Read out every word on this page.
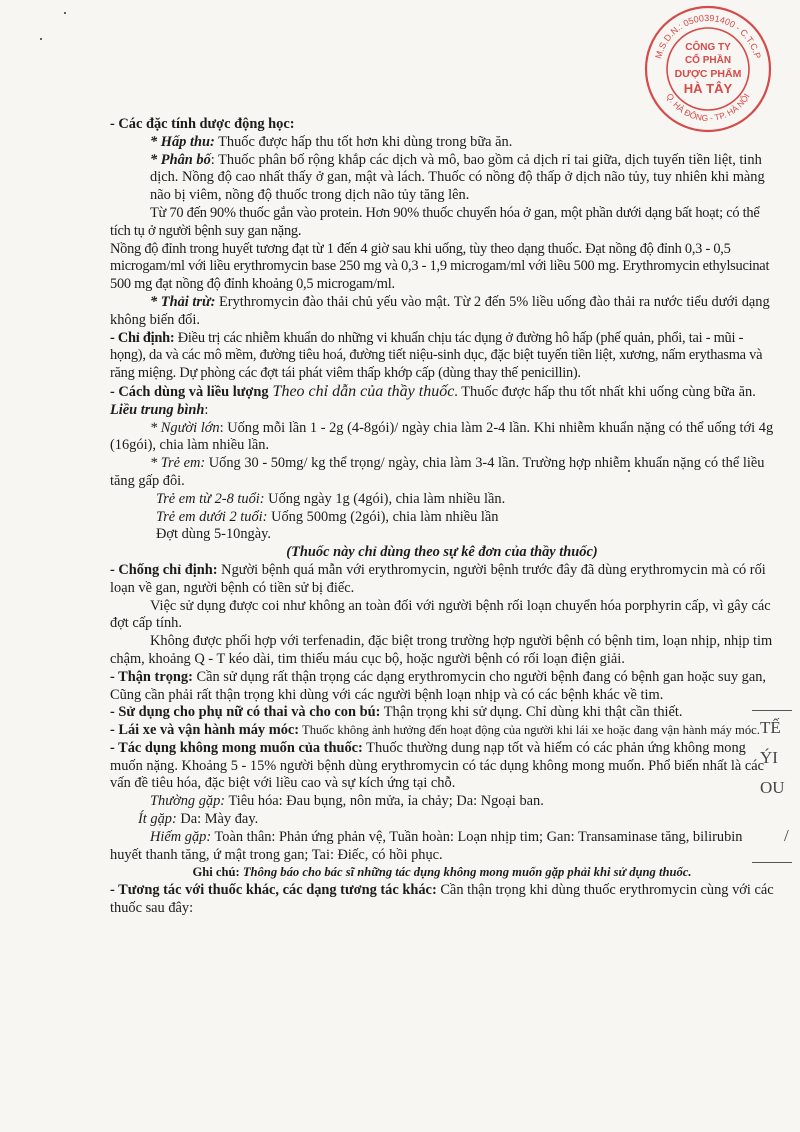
M.S.D.N.: 0500391400 - C.T.C.P
Q. HÀ ĐÔNG - TP. HÀ NỘI
CÔNG TY
CỔ PHẦN
DƯỢC PHẨM
HÀ TÂY
TẾ
ÝI
OU
/

- Các đặc tính dược động học:

* Hấp thu: Thuốc được hấp thu tốt hơn khi dùng trong bữa ăn.

* Phân bố: Thuốc phân bố rộng khắp các dịch và mô, bao gồm cả dịch rỉ tai giữa, dịch tuyến tiền liệt, tinh dịch. Nồng độ cao nhất thấy ở gan, mật và lách. Thuốc có nồng độ thấp ở dịch não tủy, tuy nhiên khi màng não bị viêm, nồng độ thuốc trong dịch não tủy tăng lên.

Từ 70 đến 90% thuốc gắn vào protein. Hơn 90% thuốc chuyển hóa ở gan, một phần dưới dạng bất hoạt; có thể tích tụ ở người bệnh suy gan nặng.

Nồng độ đỉnh trong huyết tương đạt từ 1 đến 4 giờ sau khi uống, tùy theo dạng thuốc. Đạt nồng độ đỉnh 0,3 - 0,5 microgam/ml với liều erythromycin base 250 mg và 0,3 - 1,9 microgam/ml với liều 500 mg. Erythromycin ethylsucinat 500 mg đạt nồng độ đỉnh khoảng 0,5 microgam/ml.

* Thải trừ: Erythromycin đào thải chủ yếu vào mật. Từ 2 đến 5% liều uống đào thải ra nước tiểu dưới dạng không biến đổi.

- Chỉ định: Điều trị các nhiễm khuẩn do những vi khuẩn chịu tác dụng ở đường hô hấp (phế quản, phổi, tai - mũi - họng), da và các mô mềm, đường tiêu hoá, đường tiết niệu-sinh dục, đặc biệt tuyến tiền liệt, xương, nấm erythasma và răng miệng. Dự phòng các đợt tái phát viêm thấp khớp cấp (dùng thay thế penicillin).

- Cách dùng và liều lượng Theo chỉ dẫn của thầy thuốc. Thuốc được hấp thu tốt nhất khi uống cùng bữa ăn. Liều trung bình:

* Người lớn: Uống mỗi lần 1 - 2g (4-8gói)/ ngày chia làm 2-4 lần. Khi nhiễm khuẩn nặng có thể uống tới 4g (16gói), chia làm nhiều lần.

* Trẻ em: Uống 30 - 50mg/ kg thể trọng/ ngày, chia làm 3-4 lần. Trường hợp nhiễm khuẩn nặng có thể liều tăng gấp đôi.

Trẻ em từ 2-8 tuổi: Uống ngày 1g (4gói), chia làm nhiều lần.

Trẻ em dưới 2 tuổi: Uống 500mg (2gói), chia làm nhiều lần

Đợt dùng 5-10ngày.

(Thuốc này chỉ dùng theo sự kê đơn của thầy thuốc)

- Chống chỉ định: Người bệnh quá mẫn với erythromycin, người bệnh trước đây đã dùng erythromycin mà có rối loạn về gan, người bệnh có tiền sử bị điếc.

Việc sử dụng được coi như không an toàn đối với người bệnh rối loạn chuyển hóa porphyrin cấp, vì gây các đợt cấp tính.

Không được phối hợp với terfenadin, đặc biệt trong trường hợp người bệnh có bệnh tim, loạn nhịp, nhịp tim chậm, khoảng Q - T kéo dài, tim thiếu máu cục bộ, hoặc người bệnh có rối loạn điện giải.

- Thận trọng: Cần sử dụng rất thận trọng các dạng erythromycin cho người bệnh đang có bệnh gan hoặc suy gan, Cũng cần phải rất thận trọng khi dùng với các người bệnh loạn nhịp và có các bệnh khác về tim.

- Sử dụng cho phụ nữ có thai và cho con bú: Thận trọng khi sử dụng. Chỉ dùng khi thật cần thiết.

- Lái xe và vận hành máy móc: Thuốc không ảnh hưởng đến hoạt động của người khi lái xe hoặc đang vận hành máy móc.

- Tác dụng không mong muốn của thuốc: Thuốc thường dung nạp tốt và hiếm có các phản ứng không mong muốn nặng. Khoảng 5 - 15% người bệnh dùng erythromycin có tác dụng không mong muốn. Phổ biến nhất là các vấn đề tiêu hóa, đặc biệt với liều cao và sự kích ứng tại chỗ.

Thường gặp: Tiêu hóa: Đau bụng, nôn mửa, ỉa chảy; Da: Ngoại ban.

Ít gặp: Da: Mày đay.

Hiếm gặp: Toàn thân: Phản ứng phản vệ, Tuần hoàn: Loạn nhịp tim; Gan: Transaminase tăng, bilirubin huyết thanh tăng, ứ mật trong gan; Tai: Điếc, có hồi phục.

Ghi chú: Thông báo cho bác sĩ những tác dụng không mong muốn gặp phải khi sử dụng thuốc.

- Tương tác với thuốc khác, các dạng tương tác khác: Cần thận trọng khi dùng thuốc erythromycin cùng với các thuốc sau đây:
